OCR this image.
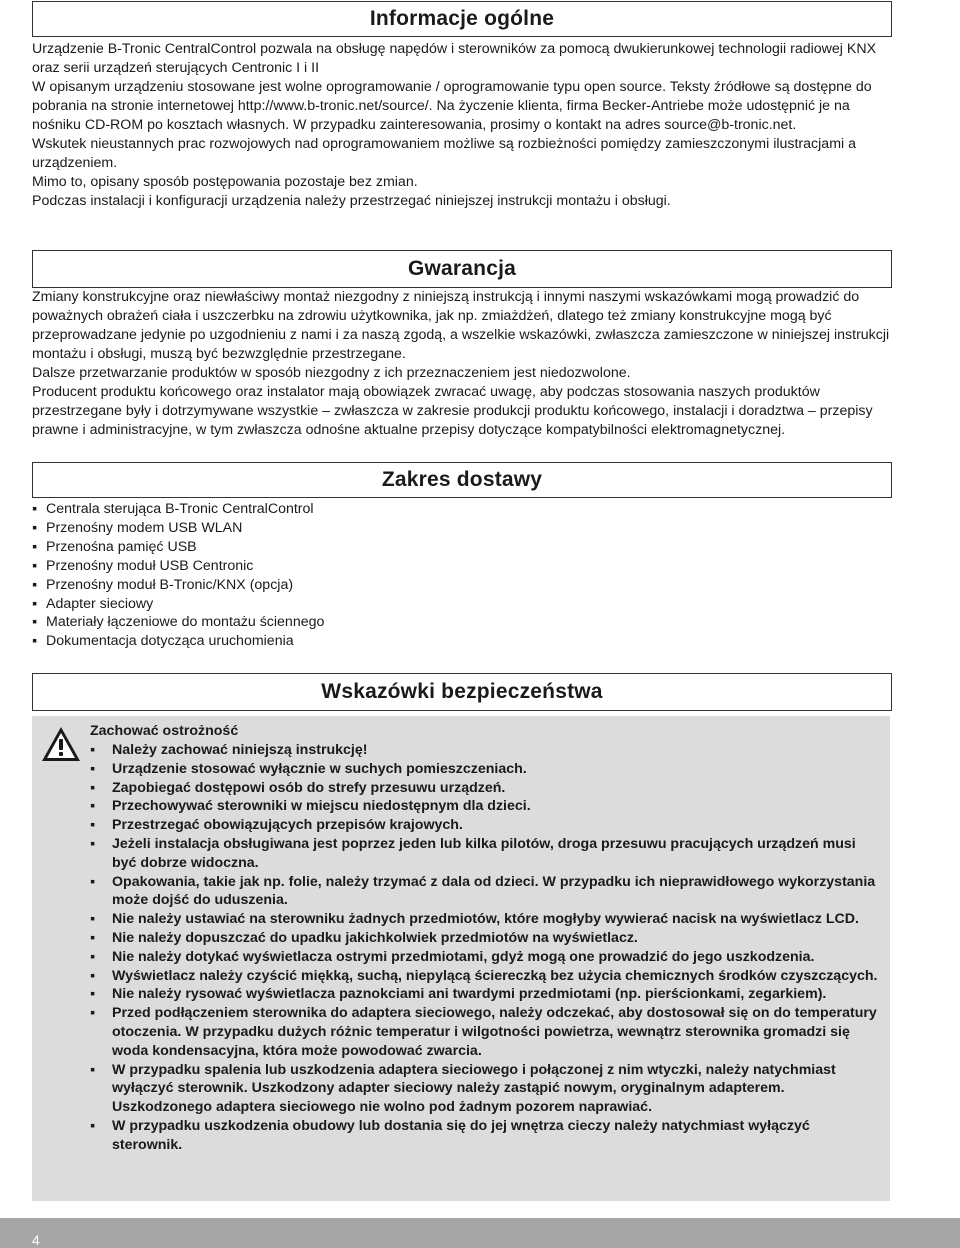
Informacje ogólne

Urządzenie B-Tronic CentralControl pozwala na obsługę napędów i sterowników za pomocą dwukierunkowej technologii radiowej KNX oraz serii urządzeń sterujących Centronic I i II

W opisanym urządzeniu stosowane jest wolne oprogramowanie / oprogramowanie typu open source. Teksty źródłowe są dostępne do pobrania na stronie internetowej http://www.b-tronic.net/source/. Na życzenie klienta, firma Becker-Antriebe może udostępnić je na nośniku CD-ROM po kosztach własnych. W przypadku zainteresowania, prosimy o kontakt na adres source@b-tronic.net.

Wskutek nieustannych prac rozwojowych nad oprogramowaniem możliwe są rozbieżności pomiędzy zamieszczonymi ilustracjami a urządzeniem.

Mimo to, opisany sposób postępowania pozostaje bez zmian.

Podczas instalacji i konfiguracji urządzenia należy przestrzegać niniejszej instrukcji montażu i obsługi.

Gwarancja

Zmiany konstrukcyjne oraz niewłaściwy montaż niezgodny z niniejszą instrukcją i innymi naszymi wskazówkami mogą prowadzić do poważnych obrażeń ciała i uszczerbku na zdrowiu użytkownika, jak np. zmiażdżeń, dlatego też zmiany konstrukcyjne mogą być przeprowadzane jedynie po uzgodnieniu z nami i za naszą zgodą, a wszelkie wskazówki, zwłaszcza zamieszczone w niniejszej instrukcji montażu i obsługi, muszą być bezwzględnie przestrzegane.

Dalsze przetwarzanie produktów w sposób niezgodny z ich przeznaczeniem jest niedozwolone.

Producent produktu końcowego oraz instalator mają obowiązek zwracać uwagę, aby podczas stosowania naszych produktów przestrzegane były i dotrzymywane wszystkie – zwłaszcza w zakresie produkcji produktu końcowego, instalacji i doradztwa – przepisy prawne i administracyjne, w tym zwłaszcza odnośne aktualne przepisy dotyczące kompatybilności elektromagnetycznej.

Zakres dostawy
▪ Centrala sterująca B-Tronic CentralControl
▪ Przenośny modem USB WLAN
▪ Przenośna pamięć USB
▪ Przenośny moduł USB Centronic
▪ Przenośny moduł B-Tronic/KNX (opcja)
▪ Adapter sieciowy
▪ Materiały łączeniowe do montażu ściennego
▪ Dokumentacja dotycząca uruchomienia
Wskazówki bezpieczeństwa

Zachować ostrożność

▪ Należy zachować niniejszą instrukcję!
▪ Urządzenie stosować wyłącznie w suchych pomieszczeniach.
▪ Zapobiegać dostępowi osób do strefy przesuwu urządzeń.
▪ Przechowywać sterowniki w miejscu niedostępnym dla dzieci.
▪ Przestrzegać obowiązujących przepisów krajowych.
▪ Jeżeli instalacja obsługiwana jest poprzez jeden lub kilka pilotów, droga przesuwu pracujących urządzeń musi być dobrze widoczna.
▪ Opakowania, takie jak np. folie, należy trzymać z dala od dzieci. W przypadku ich nieprawidłowego wykorzystania może dojść do uduszenia.
▪ Nie należy ustawiać na sterowniku żadnych przedmiotów, które mogłyby wywierać nacisk na wyświetlacz LCD.
▪ Nie należy dopuszczać do upadku jakichkolwiek przedmiotów na wyświetlacz.
▪ Nie należy dotykać wyświetlacza ostrymi przedmiotami, gdyż mogą one prowadzić do jego uszkodzenia.
▪ Wyświetlacz należy czyścić miękką, suchą, niepylącą ściereczką bez użycia chemicznych środków czyszczących.
▪ Nie należy rysować wyświetlacza paznokciami ani twardymi przedmiotami (np. pierścionkami, zegarkiem).
▪ Przed podłączeniem sterownika do adaptera sieciowego, należy odczekać, aby dostosował się on do temperatury otoczenia. W przypadku dużych różnic temperatur i wilgotności powietrza, wewnątrz sterownika gromadzi się woda kondensacyjna, która może powodować zwarcia.
▪ W przypadku spalenia lub uszkodzenia adaptera sieciowego i połączonej z nim wtyczki, należy natychmiast wyłączyć sterownik. Uszkodzony adapter sieciowy należy zastąpić nowym, oryginalnym adapterem. Uszkodzonego adaptera sieciowego nie wolno pod żadnym pozorem naprawiać.
▪ W przypadku uszkodzenia obudowy lub dostania się do jej wnętrza cieczy należy natychmiast wyłączyć sterownik.
4
